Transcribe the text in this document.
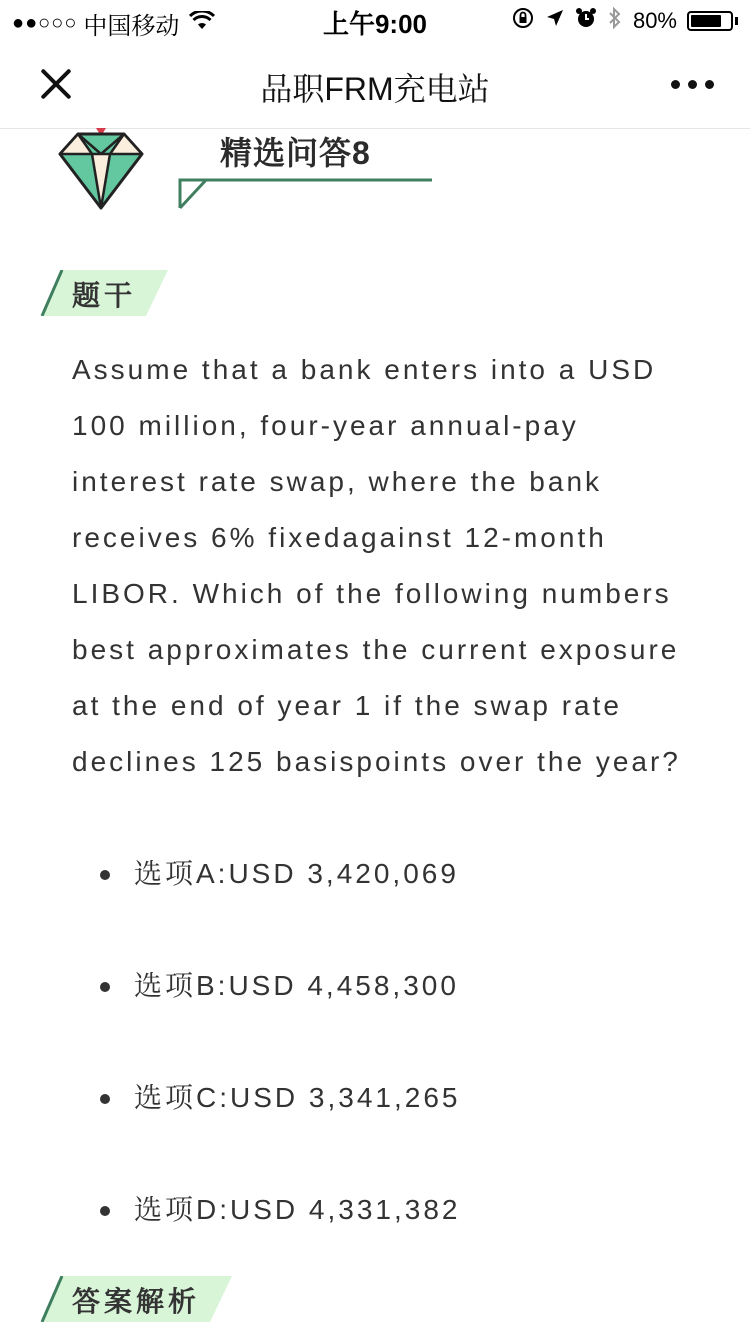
●●○○○ 中国移动	上午9:00	80%
品职FRM充电站
精选问答8
题干

Assume that a bank enters into a USD 100 million, four-year annual-pay interest rate swap, where the bank receives 6% fixedagainst 12-month LIBOR. Which of the following numbers best approximates the current exposure at the end of year 1 if the swap rate declines 125 basispoints over the year?

选项A:USD 3,420,069
选项B:USD 4,458,300
选项C:USD 3,341,265
选项D:USD 4,331,382
答案解析
